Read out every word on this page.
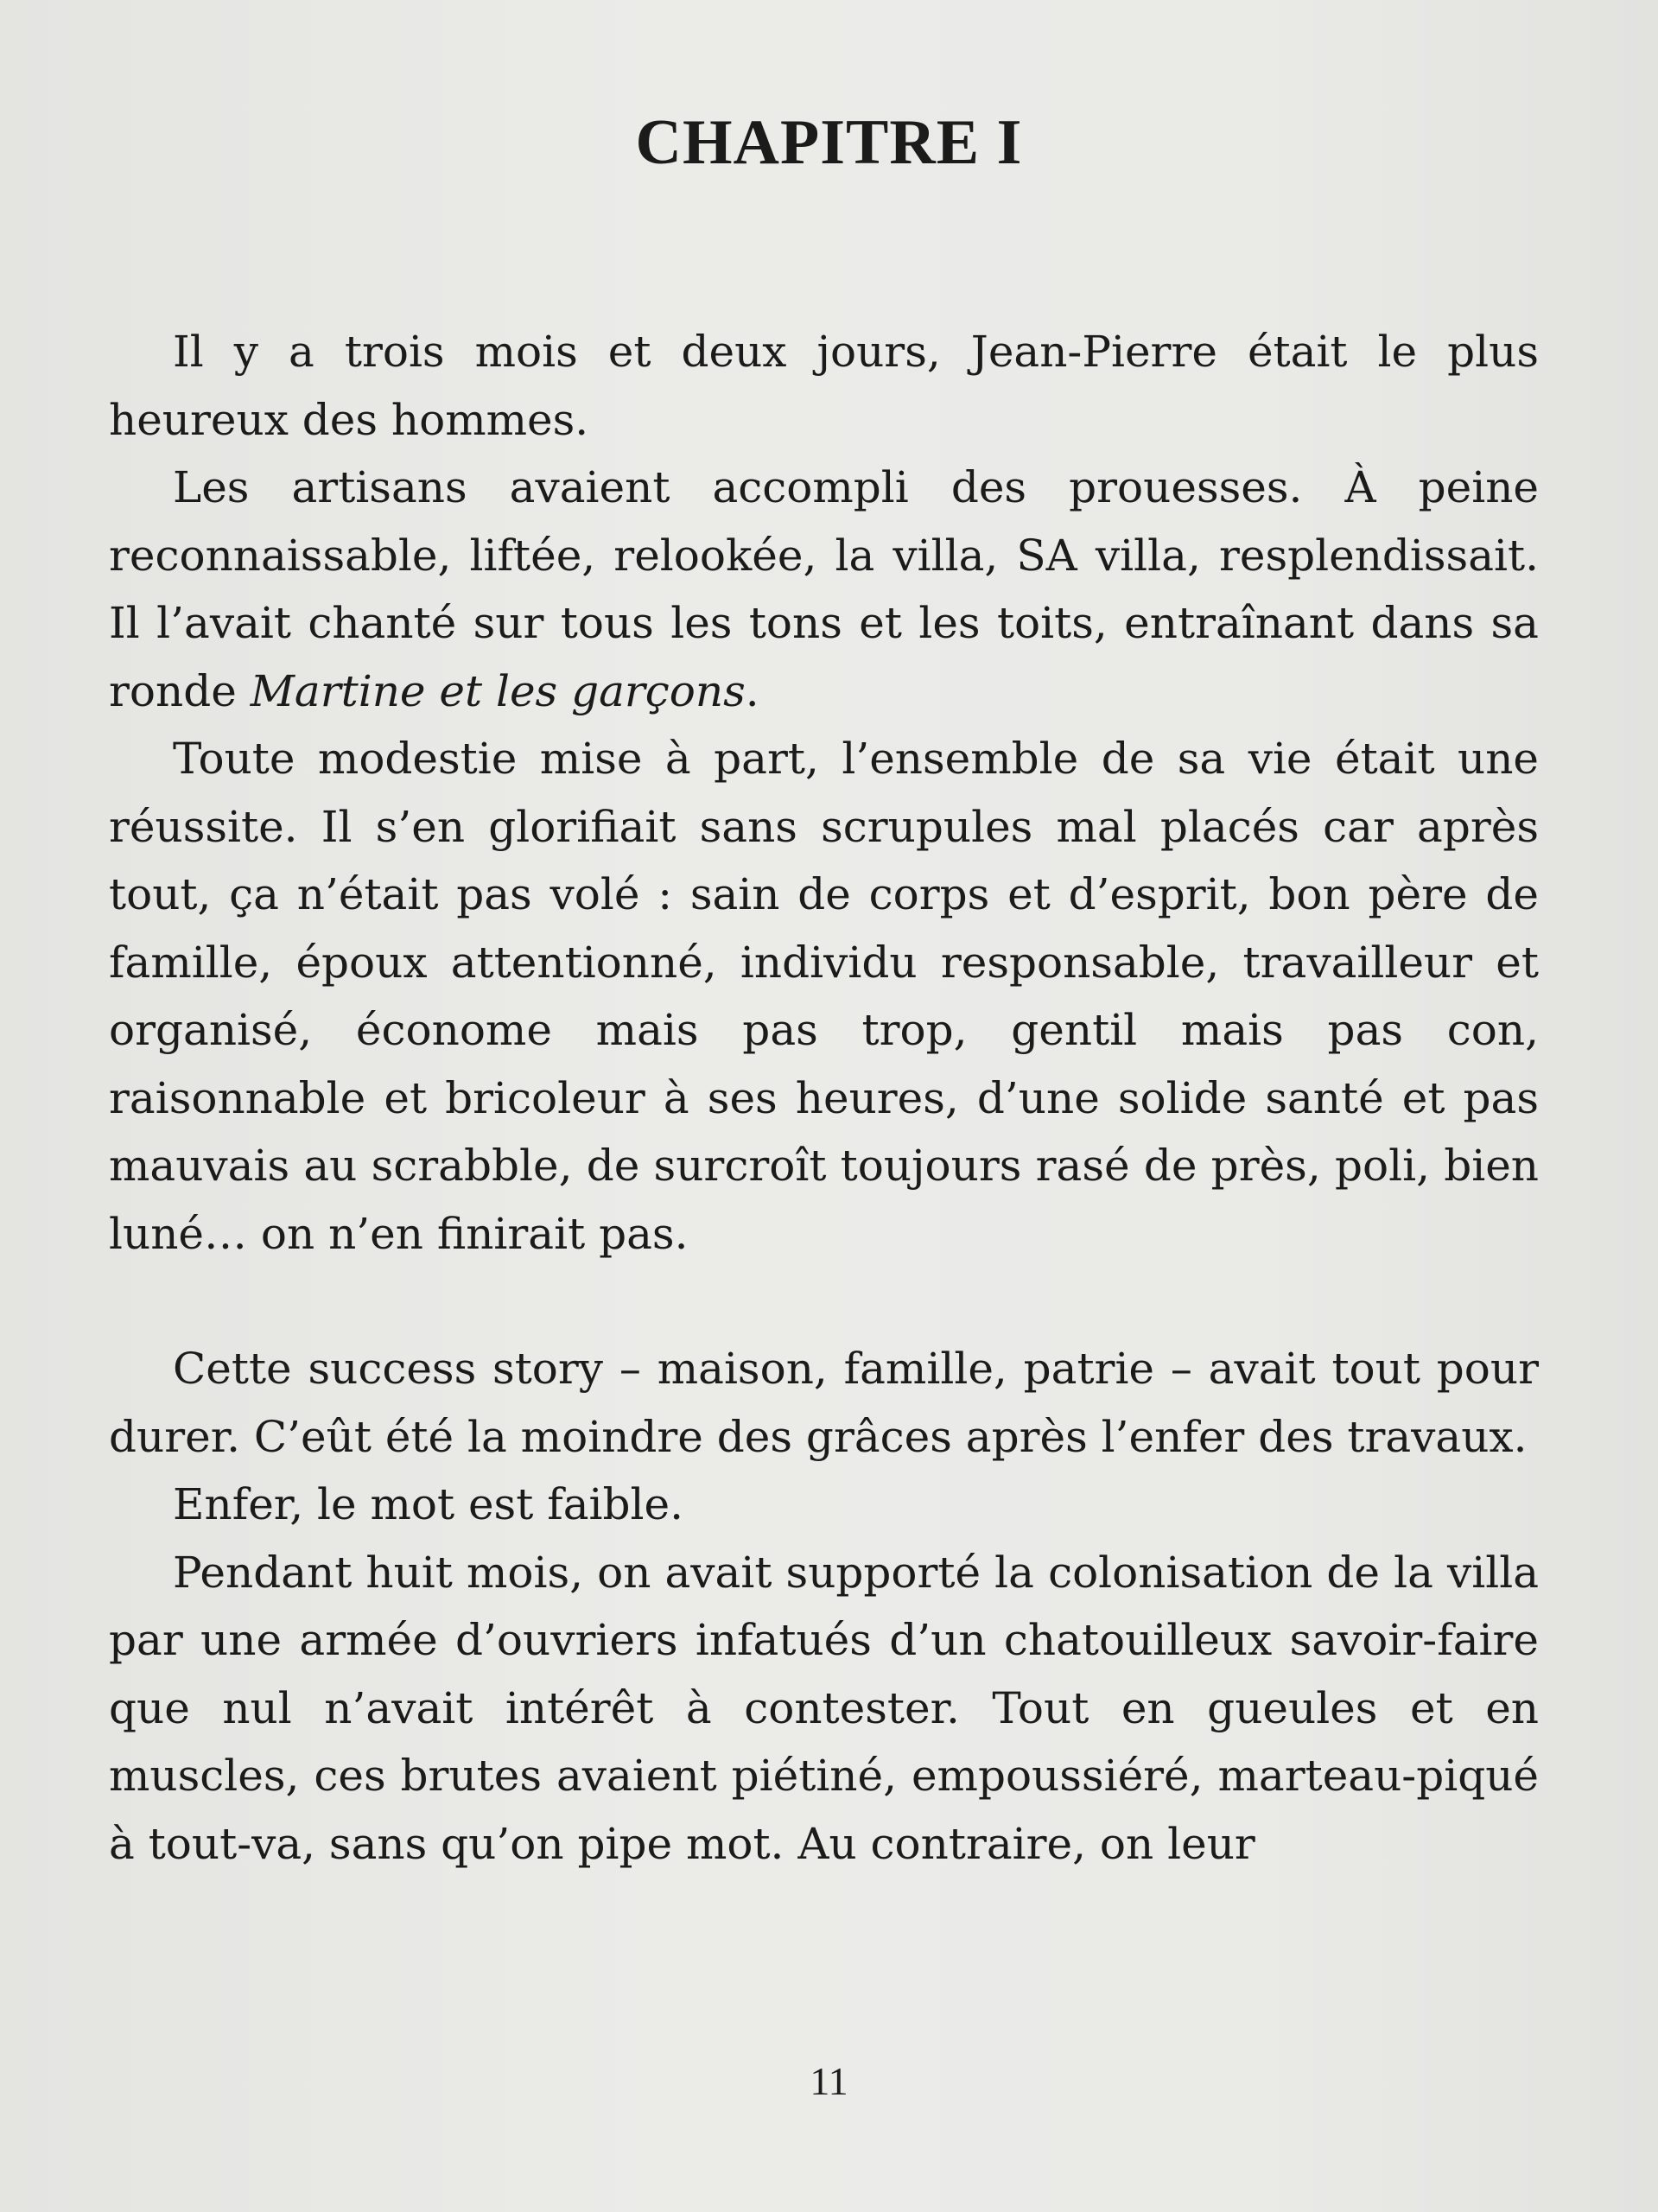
CHAPITRE I

Il y a trois mois et deux jours, Jean-Pierre était le plus heureux des hommes.

Les artisans avaient accompli des prouesses. À peine reconnaissable, liftée, relookée, la villa, SA villa, resplendissait. Il l’avait chanté sur tous les tons et les toits, entraînant dans sa ronde Martine et les garçons.

Toute modestie mise à part, l’ensemble de sa vie était une réussite. Il s’en glorifiait sans scrupules mal placés car après tout, ça n’était pas volé : sain de corps et d’esprit, bon père de famille, époux attentionné, individu responsable, travailleur et organisé, économe mais pas trop, gentil mais pas con, raisonnable et bricoleur à ses heures, d’une solide santé et pas mauvais au scrabble, de surcroît toujours rasé de près, poli, bien luné… on n’en finirait pas.

Cette success story – maison, famille, patrie – avait tout pour durer. C’eût été la moindre des grâces après l’enfer des travaux.

Enfer, le mot est faible.

Pendant huit mois, on avait supporté la colonisation de la villa par une armée d’ouvriers infatués d’un chatouilleux savoir-faire que nul n’avait intérêt à contester. Tout en gueules et en muscles, ces brutes avaient piétiné, empoussiéré, marteau-piqué à tout-va, sans qu’on pipe mot. Au contraire, on leur

11
